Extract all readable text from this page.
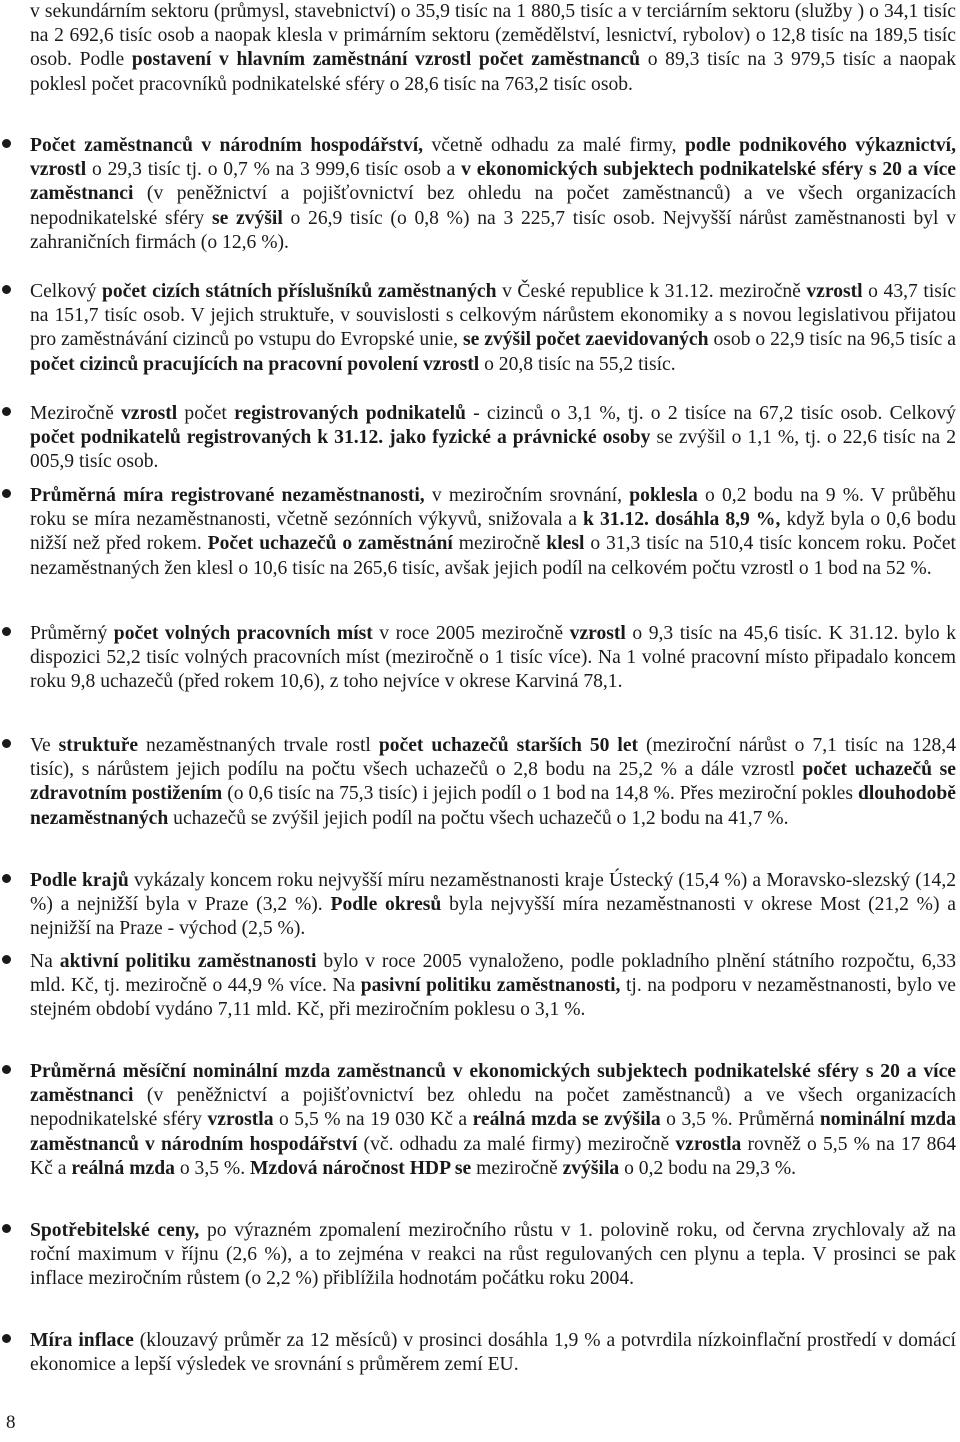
v sekundárním sektoru (průmysl, stavebnictví) o 35,9 tisíc na 1 880,5 tisíc a v terciárním sektoru (služby ) o 34,1 tisíc na 2 692,6 tisíc osob a naopak klesla v primárním sektoru (zemědělství, lesnictví, rybolov) o 12,8 tisíc na 189,5 tisíc osob. Podle postavení v hlavním zaměstnání vzrostl počet zaměstnanců o 89,3 tisíc na 3 979,5 tisíc a naopak poklesl počet pracovníků podnikatelské sféry o 28,6 tisíc na 763,2 tisíc osob.
Počet zaměstnanců v národním hospodářství, včetně odhadu za malé firmy, podle podnikového výkaznictví, vzrostl o 29,3 tisíc tj. o 0,7 % na 3 999,6 tisíc osob a v ekonomických subjektech podnikatelské sféry s 20 a více zaměstnanci (v peněžnictví a pojišťovnictví bez ohledu na počet zaměstnanců) a ve všech organizacích nepodnikatelské sféry se zvýšil o 26,9 tisíc (o 0,8 %) na 3 225,7 tisíc osob. Nejvyšší nárůst zaměstnanosti byl v zahraničních firmách (o 12,6 %).
Celkový počet cizích státních příslušníků zaměstnaných v České republice k 31.12. meziročně vzrostl o 43,7 tisíc na 151,7 tisíc osob. V jejich struktuře, v souvislosti s celkovým nárůstem ekonomiky a s novou legislativou přijatou pro zaměstnávání cizinců po vstupu do Evropské unie, se zvýšil počet zaevidovaných osob o 22,9 tisíc na 96,5 tisíc a počet cizinců pracujících na pracovní povolení vzrostl o 20,8 tisíc na 55,2 tisíc.
Meziročně vzrostl počet registrovaných podnikatelů - cizinců o 3,1 %, tj. o 2 tisíce na 67,2 tisíc osob. Celkový počet podnikatelů registrovaných k 31.12. jako fyzické a právnické osoby se zvýšil o 1,1 %, tj. o 22,6 tisíc na 2 005,9 tisíc osob.
Průměrná míra registrované nezaměstnanosti, v meziročním srovnání, poklesla o 0,2 bodu na 9 %. V průběhu roku se míra nezaměstnanosti, včetně sezónních výkyvů, snižovala a k 31.12. dosáhla 8,9 %, když byla o 0,6 bodu nižší než před rokem. Počet uchazečů o zaměstnání meziročně klesl o 31,3 tisíc na 510,4 tisíc koncem roku. Počet nezaměstnaných žen klesl o 10,6 tisíc na 265,6 tisíc, avšak jejich podíl na celkovém počtu vzrostl o 1 bod na 52 %.
Průměrný počet volných pracovních míst v roce 2005 meziročně vzrostl o 9,3 tisíc na 45,6 tisíc. K 31.12. bylo k dispozici 52,2 tisíc volných pracovních míst (meziročně o 1 tisíc více). Na 1 volné pracovní místo připadalo koncem roku 9,8 uchazečů (před rokem 10,6), z toho nejvíce v okrese Karviná 78,1.
Ve struktuře nezaměstnaných trvale rostl počet uchazečů starších 50 let (meziroční nárůst o 7,1 tisíc na 128,4 tisíc), s nárůstem jejich podílu na počtu všech uchazečů o 2,8 bodu na 25,2 % a dále vzrostl počet uchazečů se zdravotním postižením (o 0,6 tisíc na 75,3 tisíc) i jejich podíl o 1 bod na 14,8 %. Přes meziroční pokles dlouhodobě nezaměstnaných uchazečů se zvýšil jejich podíl na počtu všech uchazečů o 1,2 bodu na 41,7 %.
Podle krajů vykázaly koncem roku nejvyšší míru nezaměstnanosti kraje Ústecký (15,4 %) a Moravsko-slezský (14,2 %) a nejnižší byla v Praze (3,2 %). Podle okresů byla nejvyšší míra nezaměstnanosti v okrese Most (21,2 %) a nejnižší na Praze - východ (2,5 %).
Na aktivní politiku zaměstnanosti bylo v roce 2005 vynaloženo, podle pokladního plnění státního rozpočtu, 6,33 mld. Kč, tj. meziročně o 44,9 % více. Na pasivní politiku zaměstnanosti, tj. na podporu v nezaměstnanosti, bylo ve stejném období vydáno 7,11 mld. Kč, při meziročním poklesu o 3,1 %.
Průměrná měsíční nominální mzda zaměstnanců v ekonomických subjektech podnikatelské sféry s 20 a více zaměstnanci (v peněžnictví a pojišťovnictví bez ohledu na počet zaměstnanců) a ve všech organizacích nepodnikatelské sféry vzrostla o 5,5 % na 19 030 Kč a reálná mzda se zvýšila o 3,5 %. Průměrná nominální mzda zaměstnanců v národním hospodářství (vč. odhadu za malé firmy) meziročně vzrostla rovněž o 5,5 % na 17 864 Kč a reálná mzda o 3,5 %. Mzdová náročnost HDP se meziročně zvýšila o 0,2 bodu na 29,3 %.
Spotřebitelské ceny, po výrazném zpomalení meziročního růstu v 1. polovině roku, od června zrychlovaly až na roční maximum v říjnu (2,6 %), a to zejména v reakci na růst regulovaných cen plynu a tepla. V prosinci se pak inflace meziročním růstem (o 2,2 %) přiblížila hodnotám počátku roku 2004.
Míra inflace (klouzavý průměr za 12 měsíců) v prosinci dosáhla 1,9 % a potvrdila nízkoinflační prostředí v domácí ekonomice a lepší výsledek ve srovnání s průměrem zemí EU.
8
